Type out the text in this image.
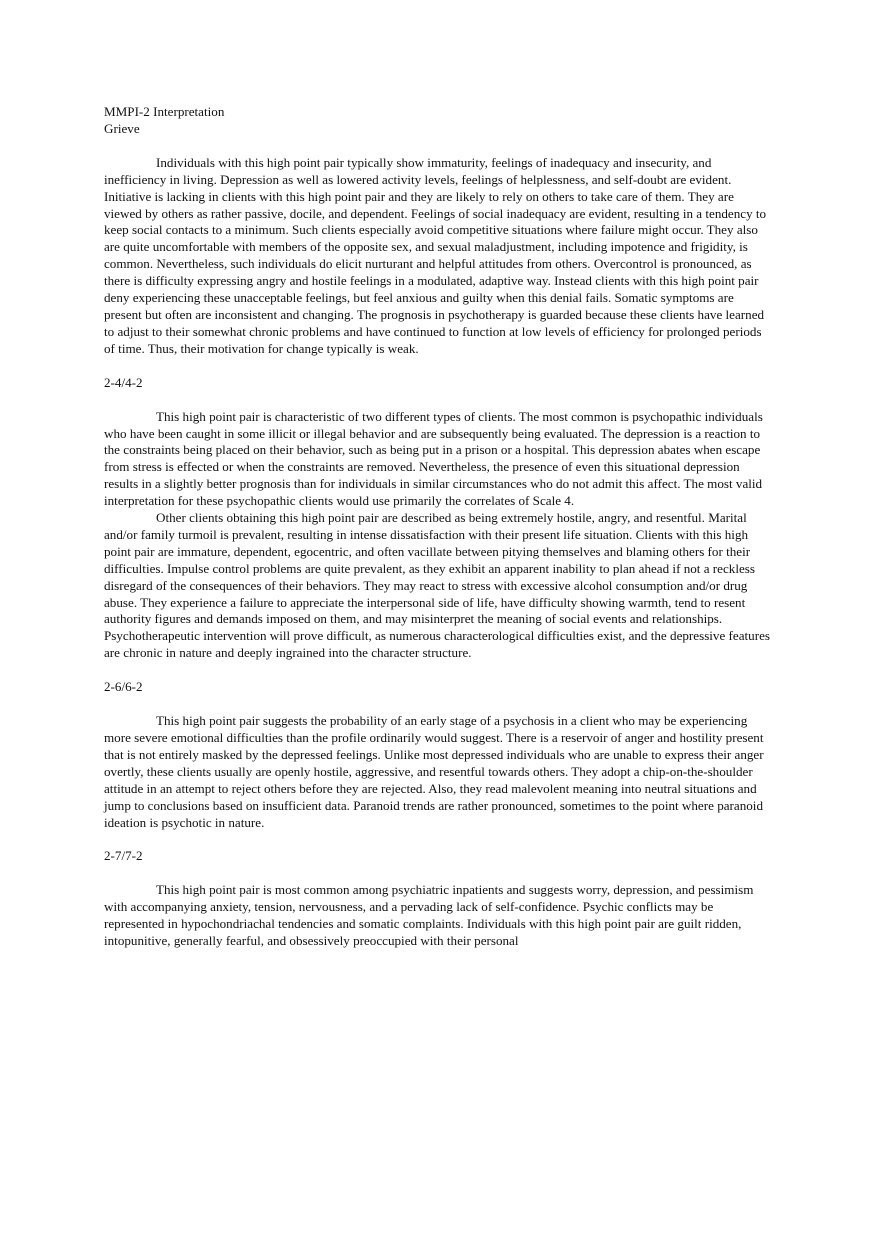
MMPI-2 Interpretation

Grieve

Individuals with this high point pair typically show immaturity, feelings of inadequacy and insecurity, and inefficiency in living. Depression as well as lowered activity levels, feelings of helplessness, and self-doubt are evident. Initiative is lacking in clients with this high point pair and they are likely to rely on others to take care of them. They are viewed by others as rather passive, docile, and dependent. Feelings of social inadequacy are evident, resulting in a tendency to keep social contacts to a minimum. Such clients especially avoid competitive situations where failure might occur. They also are quite uncomfortable with members of the opposite sex, and sexual maladjustment, including impotence and frigidity, is common. Nevertheless, such individuals do elicit nurturant and helpful attitudes from others. Overcontrol is pronounced, as there is difficulty expressing angry and hostile feelings in a modulated, adaptive way. Instead clients with this high point pair deny experiencing these unacceptable feelings, but feel anxious and guilty when this denial fails. Somatic symptoms are present but often are inconsistent and changing. The prognosis in psychotherapy is guarded because these clients have learned to adjust to their somewhat chronic problems and have continued to function at low levels of efficiency for prolonged periods of time. Thus, their motivation for change typically is weak.

2-4/4-2

This high point pair is characteristic of two different types of clients. The most common is psychopathic individuals who have been caught in some illicit or illegal behavior and are subsequently being evaluated. The depression is a reaction to the constraints being placed on their behavior, such as being put in a prison or a hospital. This depression abates when escape from stress is effected or when the constraints are removed. Nevertheless, the presence of even this situational depression results in a slightly better prognosis than for individuals in similar circumstances who do not admit this affect. The most valid interpretation for these psychopathic clients would use primarily the correlates of Scale 4.

Other clients obtaining this high point pair are described as being extremely hostile, angry, and resentful. Marital and/or family turmoil is prevalent, resulting in intense dissatisfaction with their present life situation. Clients with this high point pair are immature, dependent, egocentric, and often vacillate between pitying themselves and blaming others for their difficulties. Impulse control problems are quite prevalent, as they exhibit an apparent inability to plan ahead if not a reckless disregard of the consequences of their behaviors. They may react to stress with excessive alcohol consumption and/or drug abuse. They experience a failure to appreciate the interpersonal side of life, have difficulty showing warmth, tend to resent authority figures and demands imposed on them, and may misinterpret the meaning of social events and relationships. Psychotherapeutic intervention will prove difficult, as numerous characterological difficulties exist, and the depressive features are chronic in nature and deeply ingrained into the character structure.

2-6/6-2

This high point pair suggests the probability of an early stage of a psychosis in a client who may be experiencing more severe emotional difficulties than the profile ordinarily would suggest. There is a reservoir of anger and hostility present that is not entirely masked by the depressed feelings. Unlike most depressed individuals who are unable to express their anger overtly, these clients usually are openly hostile, aggressive, and resentful towards others. They adopt a chip-on-the-shoulder attitude in an attempt to reject others before they are rejected. Also, they read malevolent meaning into neutral situations and jump to conclusions based on insufficient data. Paranoid trends are rather pronounced, sometimes to the point where paranoid ideation is psychotic in nature.

2-7/7-2

This high point pair is most common among psychiatric inpatients and suggests worry, depression, and pessimism with accompanying anxiety, tension, nervousness, and a pervading lack of self-confidence. Psychic conflicts may be represented in hypochondriachal tendencies and somatic complaints. Individuals with this high point pair are guilt ridden, intopunitive, generally fearful, and obsessively preoccupied with their personal
